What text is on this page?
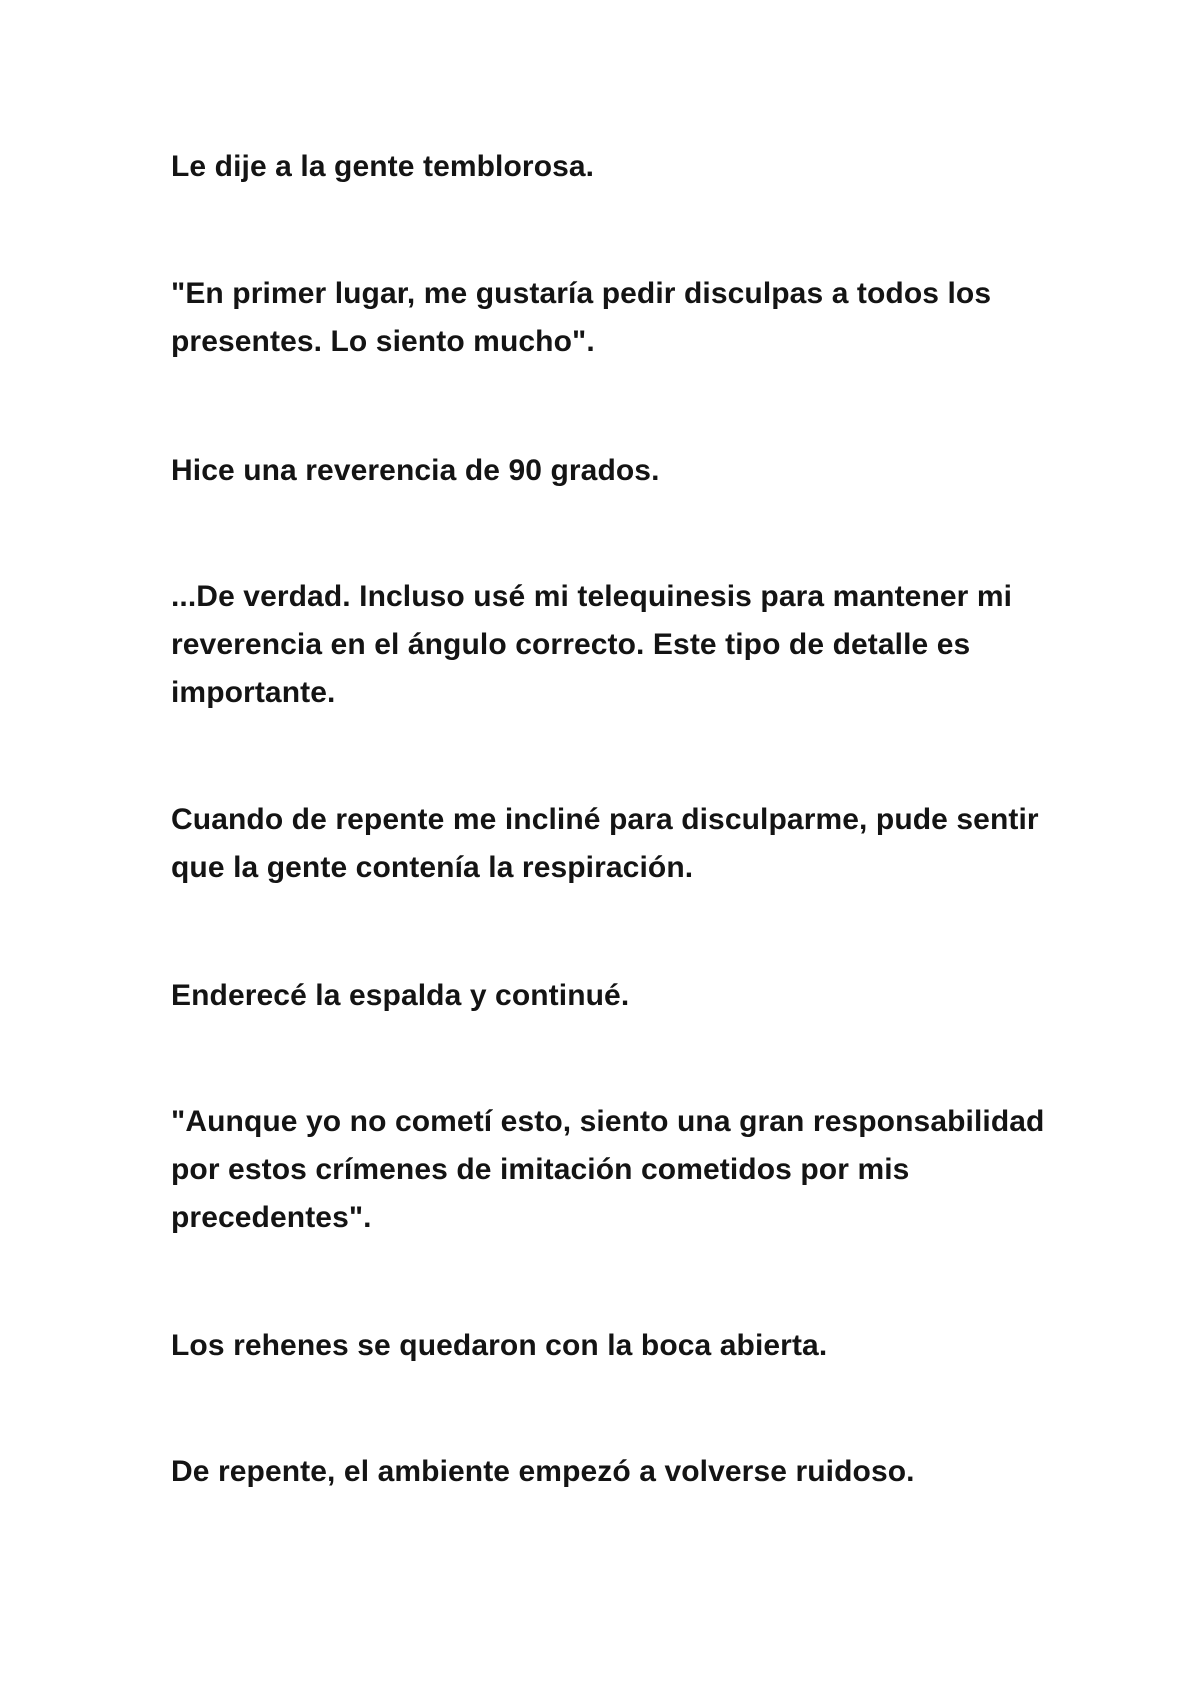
Le dije a la gente temblorosa.

"En primer lugar, me gustaría pedir disculpas a todos los presentes. Lo siento mucho".

Hice una reverencia de 90 grados.

...De verdad. Incluso usé mi telequinesis para mantener mi reverencia en el ángulo correcto. Este tipo de detalle es importante.

Cuando de repente me incliné para disculparme, pude sentir que la gente contenía la respiración.

Enderecé la espalda y continué.

"Aunque yo no cometí esto, siento una gran responsabilidad por estos crímenes de imitación cometidos por mis precedentes".

Los rehenes se quedaron con la boca abierta.

De repente, el ambiente empezó a volverse ruidoso.
